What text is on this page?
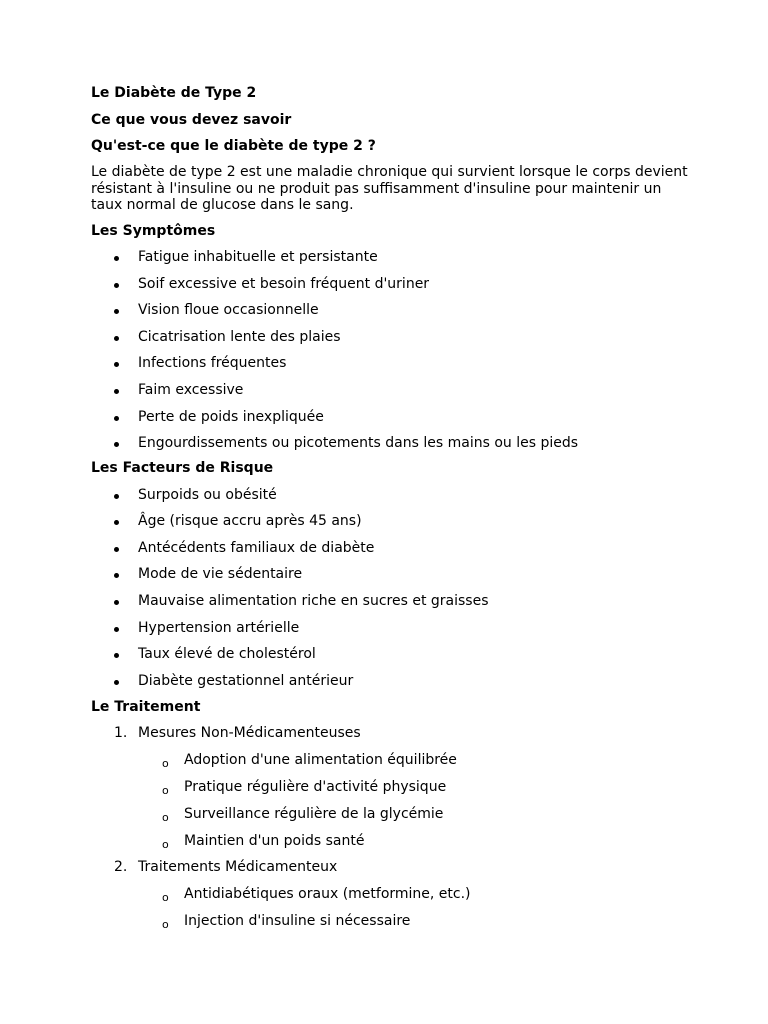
Le Diabète de Type 2
Ce que vous devez savoir
Qu'est-ce que le diabète de type 2 ?

Le diabète de type 2 est une maladie chronique qui survient lorsque le corps devient résistant à l'insuline ou ne produit pas suffisamment d'insuline pour maintenir un taux normal de glucose dans le sang.

Les Symptômes
Fatigue inhabituelle et persistante
Soif excessive et besoin fréquent d'uriner
Vision floue occasionnelle
Cicatrisation lente des plaies
Infections fréquentes
Faim excessive
Perte de poids inexpliquée
Engourdissements ou picotements dans les mains ou les pieds
Les Facteurs de Risque
Surpoids ou obésité
Âge (risque accru après 45 ans)
Antécédents familiaux de diabète
Mode de vie sédentaire
Mauvaise alimentation riche en sucres et graisses
Hypertension artérielle
Taux élevé de cholestérol
Diabète gestationnel antérieur
Le Traitement
1. Mesures Non-Médicamenteuses
o Adoption d'une alimentation équilibrée
o Pratique régulière d'activité physique
o Surveillance régulière de la glycémie
o Maintien d'un poids santé
2. Traitements Médicamenteux
o Antidiabétiques oraux (metformine, etc.)
o Injection d'insuline si nécessaire
